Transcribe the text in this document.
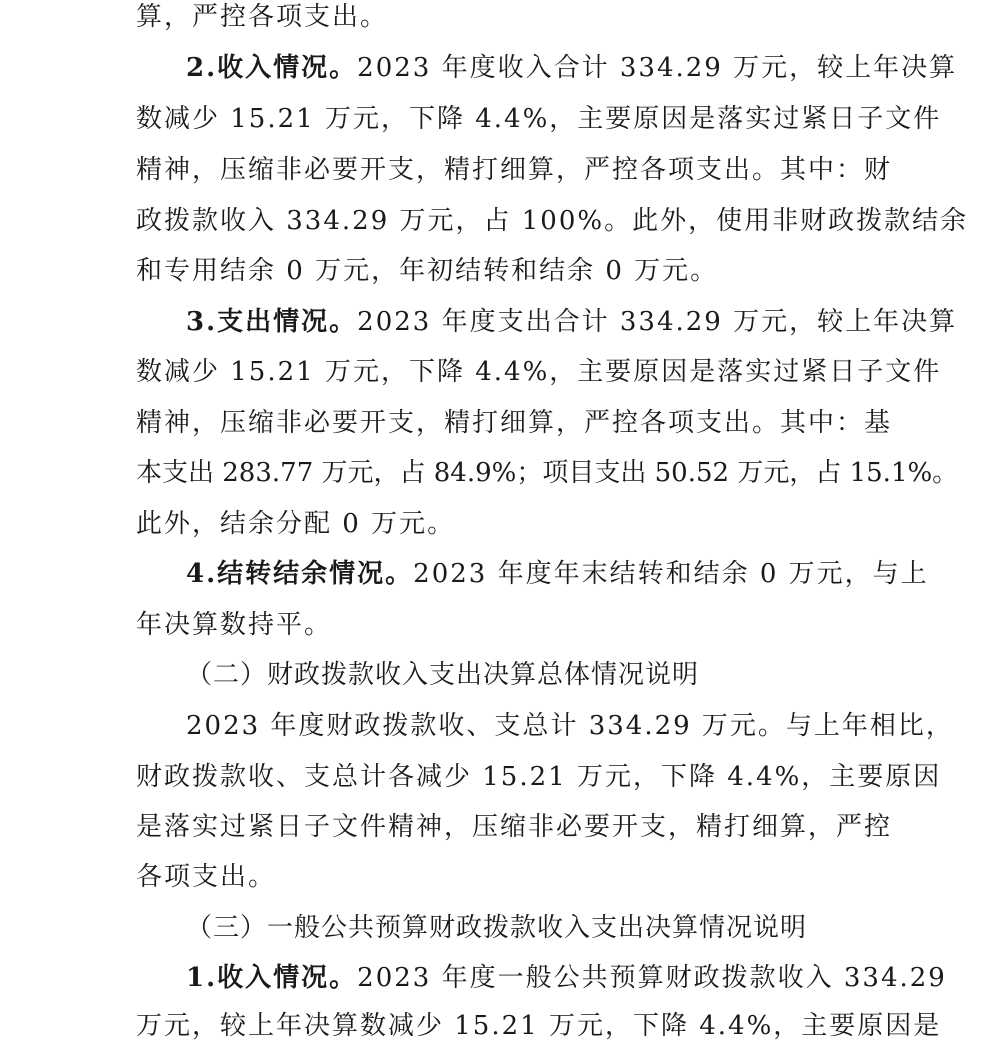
算，严控各项支出。
2. 收入情况。 2023 年度收入合计 334.29 万元，较上年决算
数减少 15.21 万元，下降 4.4%，主要原因是落实过紧日子文件
精神，压缩非必要开支，精打细算，严控各项支出。其中：财
政拨款收入 334.29 万元，占 100%。此外，使用非财政拨款结余
和专用结余 0 万元，年初结转和结余 0 万元。
3. 支出情况。 2023 年度支出合计 334.29 万元，较上年决算
数减少 15.21 万元，下降 4.4%，主要原因是落实过紧日子文件
精神，压缩非必要开支，精打细算，严控各项支出。其中：基
本支出 283.77 万元，占 84.9%；项目支出 50.52 万元，占 15.1%。
此外，结余分配 0 万元。
4. 结转结余情况。 2023 年度年末结转和结余 0 万元，与上
年决算数持平。
（二）财政拨款收入支出决算总体情况说明
2023 年度财政拨款收、支总计 334.29 万元。与上年相比，
财政拨款收、支总计各减少 15.21 万元，下降 4.4%，主要原因
是落实过紧日子文件精神，压缩非必要开支，精打细算，严控
各项支出。
（三）一般公共预算财政拨款收入支出决算情况说明
1. 收入情况。 2023 年度一般公共预算财政拨款收入 334.29
万元，较上年决算数减少 15.21 万元，下降 4.4%，主要原因是
